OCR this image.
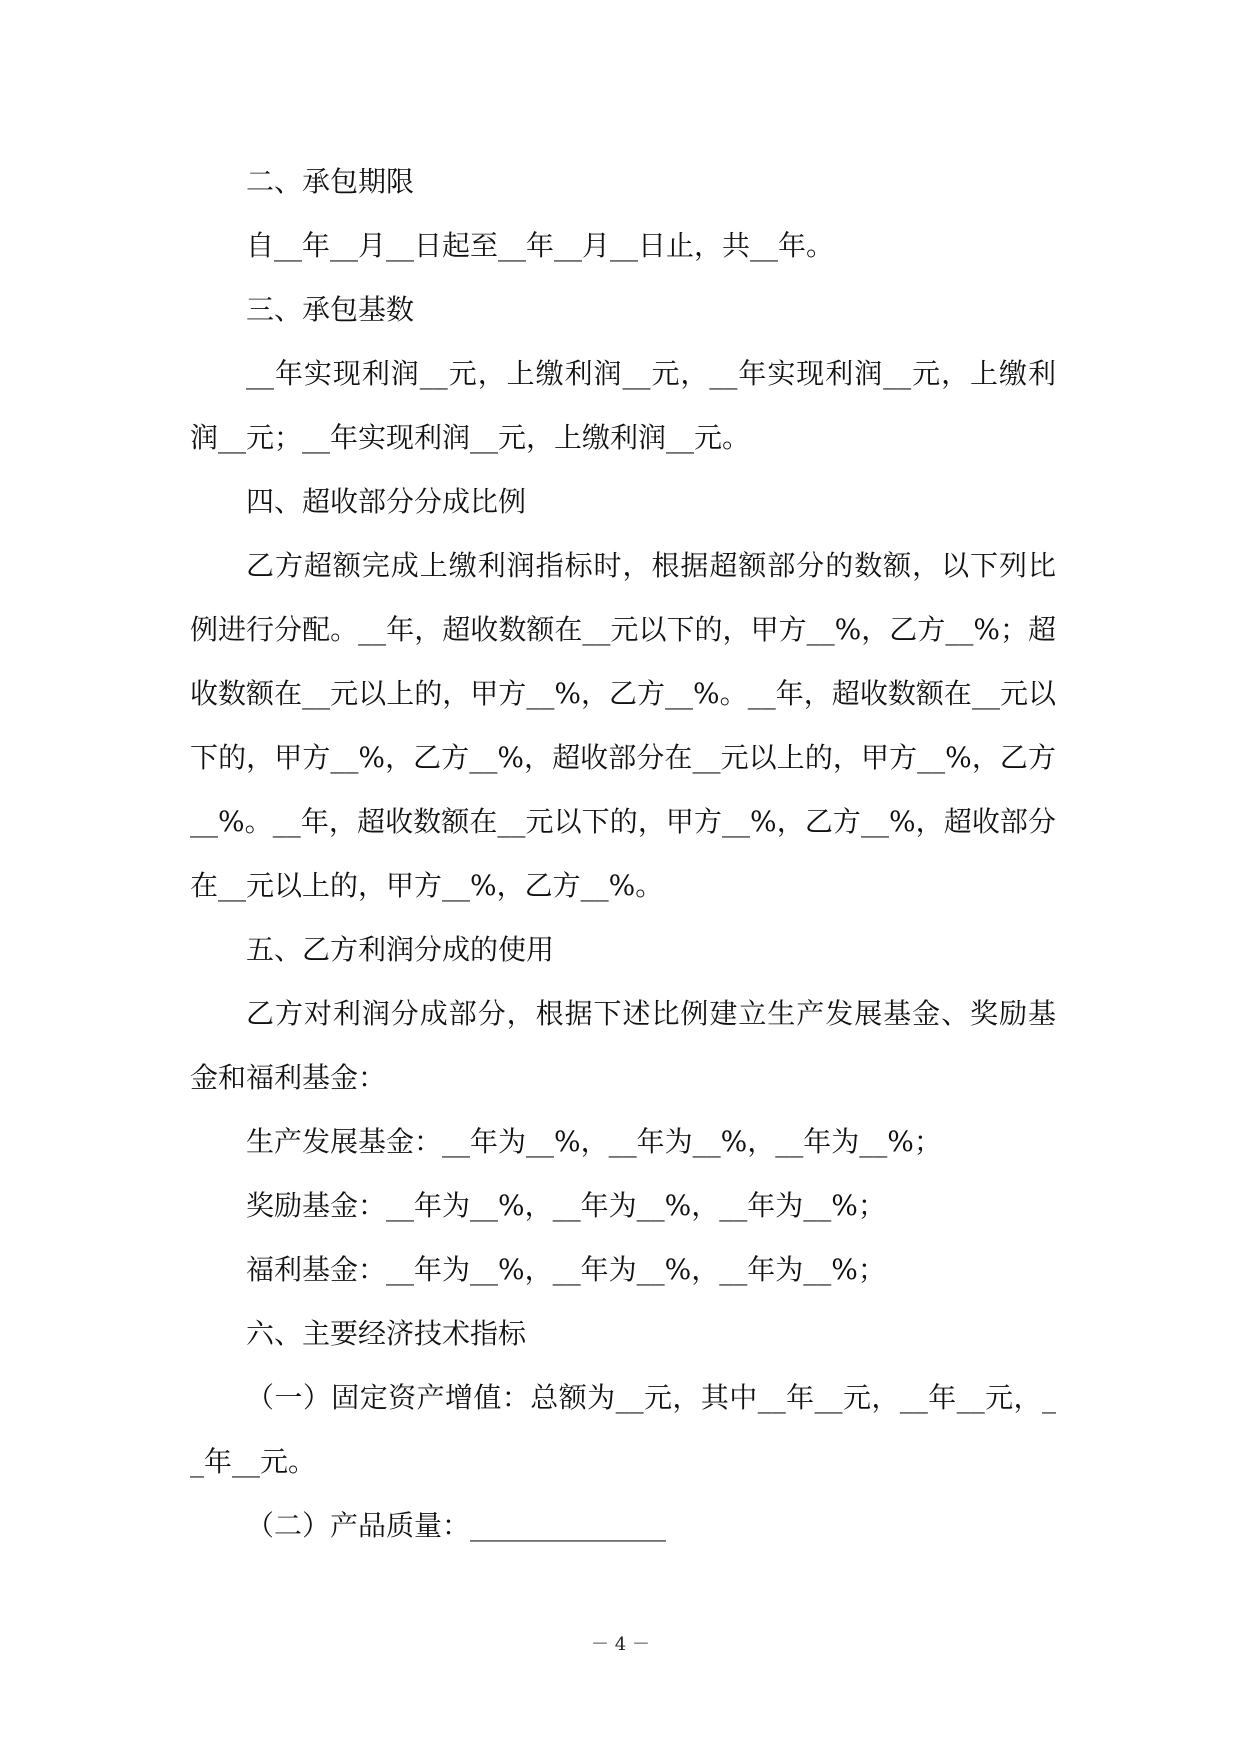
二、承包期限

自__年__月__日起至__年__月__日止，共__年。

三、承包基数

__年实现利润__元，上缴利润__元，__年实现利润__元，上缴利润__元；__年实现利润__元，上缴利润__元。

四、超收部分分成比例

乙方超额完成上缴利润指标时，根据超额部分的数额，以下列比例进行分配。__年，超收数额在__元以下的，甲方__%，乙方__%；超收数额在__元以上的，甲方__%，乙方__%。__年，超收数额在__元以下的，甲方__%，乙方__%，超收部分在__元以上的，甲方__%，乙方__%。__年，超收数额在__元以下的，甲方__%，乙方__%，超收部分在__元以上的，甲方__%，乙方__%。

五、乙方利润分成的使用

乙方对利润分成部分，根据下述比例建立生产发展基金、奖励基金和福利基金：

生产发展基金：__年为__%，__年为__%，__年为__%；

奖励基金：__年为__%，__年为__%，__年为__%；

福利基金：__年为__%，__年为__%，__年为__%；

六、主要经济技术指标

（一）固定资产增值：总额为__元，其中__年__元，__年__元，__年__元。

（二）产品质量：______________

－ 4 －
